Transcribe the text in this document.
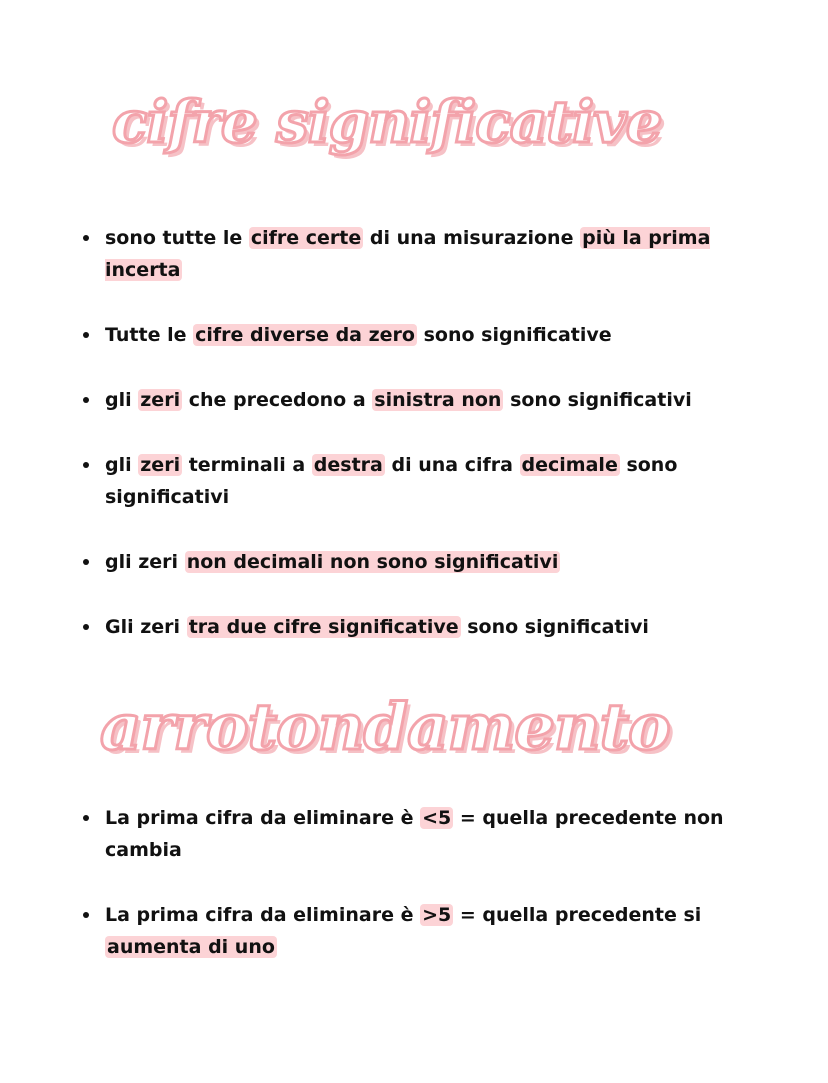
cifre significative
sono tutte le cifre certe di una misurazione più la prima incerta
Tutte le cifre diverse da zero sono significative
gli zeri che precedono a sinistra non sono significativi
gli zeri terminali a destra di una cifra decimale sono significativi
gli zeri non decimali non sono significativi
Gli zeri tra due cifre significative sono significativi
arrotondamento
La prima cifra da eliminare è <5 = quella precedente non cambia
La prima cifra da eliminare è >5 = quella precedente si aumenta di uno
